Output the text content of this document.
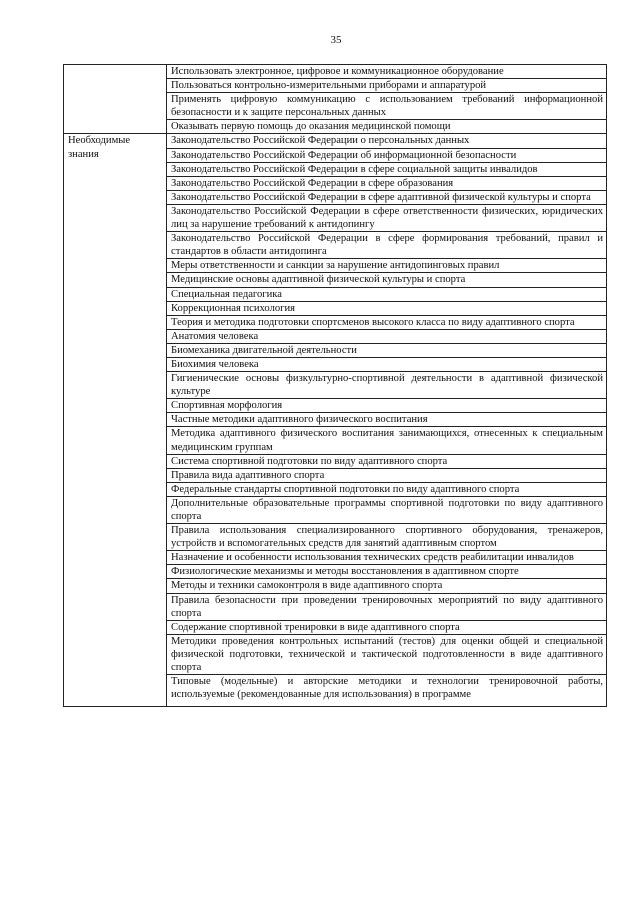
35
	Использовать электронное, цифровое и коммуникационное оборудование
	Пользоваться контрольно-измерительными приборами и аппаратурой
	Применять цифровую коммуникацию с использованием требований информационной безопасности и к защите персональных данных
	Оказывать первую помощь до оказания медицинской помощи
Необходимые знания	Законодательство Российской Федерации о персональных данных
	Законодательство Российской Федерации об информационной безопасности
	Законодательство Российской Федерации в сфере социальной защиты инвалидов
	Законодательство Российской Федерации в сфере образования
	Законодательство Российской Федерации в сфере адаптивной физической культуры и спорта
	Законодательство Российской Федерации в сфере ответственности физических, юридических лиц за нарушение требований к антидопингу
	Законодательство Российской Федерации в сфере формирования требований, правил и стандартов в области антидопинга
	Меры ответственности и санкции за нарушение антидопинговых правил
	Медицинские основы адаптивной физической культуры и спорта
	Специальная педагогика
	Коррекционная психология
	Теория и методика подготовки спортсменов высокого класса по виду адаптивного спорта
	Анатомия человека
	Биомеханика двигательной деятельности
	Биохимия человека
	Гигиенические основы физкультурно-спортивной деятельности в адаптивной физической культуре
	Спортивная морфология
	Частные методики адаптивного физического воспитания
	Методика адаптивного физического воспитания занимающихся, отнесенных к специальным медицинским группам
	Система спортивной подготовки по виду адаптивного спорта
	Правила вида адаптивного спорта
	Федеральные стандарты спортивной подготовки по виду адаптивного спорта
	Дополнительные образовательные программы спортивной подготовки по виду адаптивного спорта
	Правила использования специализированного спортивного оборудования, тренажеров, устройств и вспомогательных средств для занятий адаптивным спортом
	Назначение и особенности использования технических средств реабилитации инвалидов
	Физиологические механизмы и методы восстановления в адаптивном спорте
	Методы и техники самоконтроля в виде адаптивного спорта
	Правила безопасности при проведении тренировочных мероприятий по виду адаптивного спорта
	Содержание спортивной тренировки в виде адаптивного спорта
	Методики проведения контрольных испытаний (тестов) для оценки общей и специальной физической подготовки, технической и тактической подготовленности в виде адаптивного спорта

	Типовые (модельные) и авторские методики и технологии тренировочной работы, используемые (рекомендованные для использования) в программе
